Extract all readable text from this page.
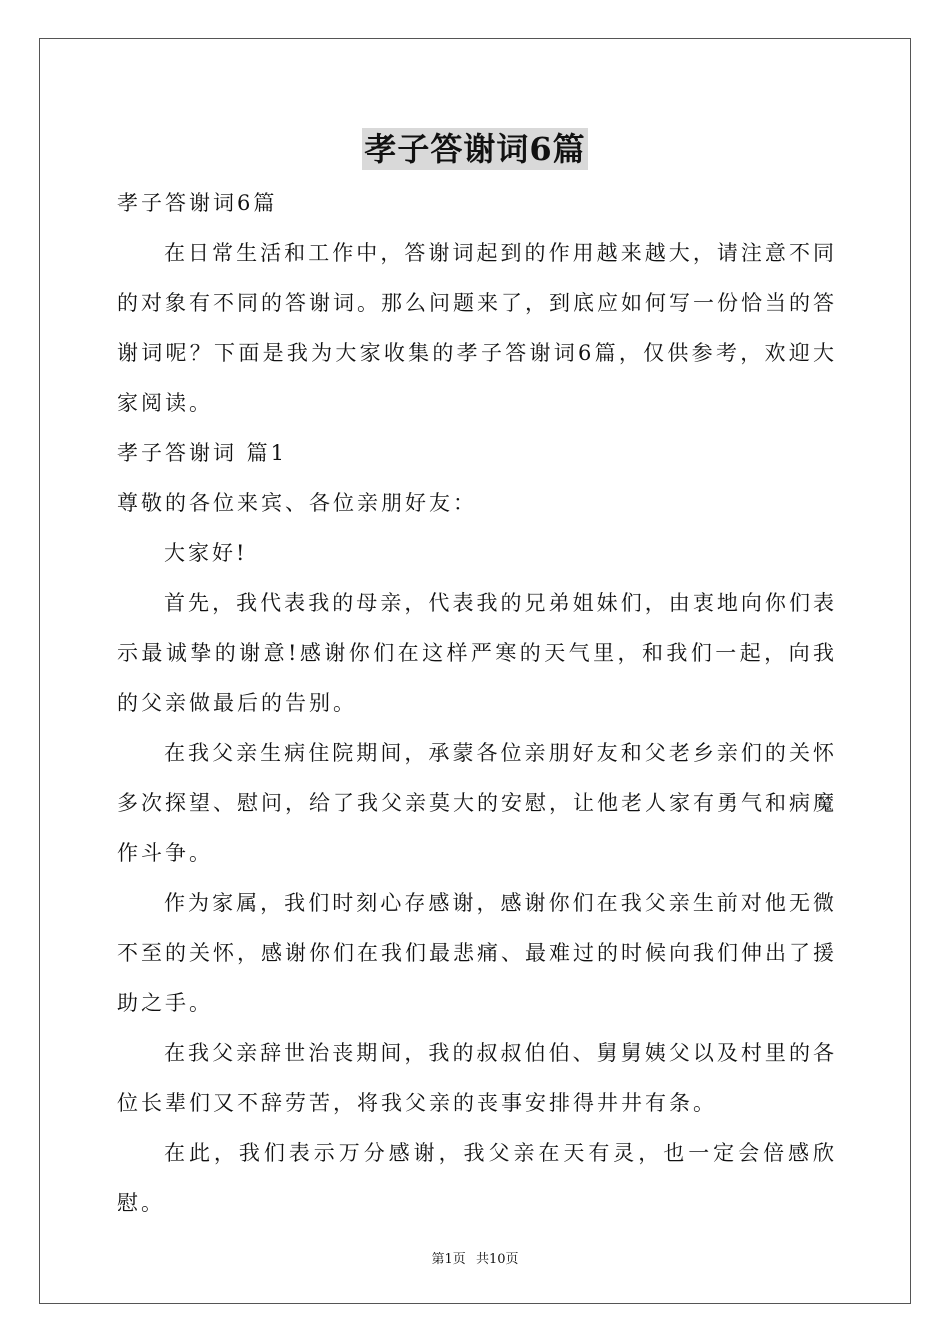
孝子答谢词6篇

孝子答谢词6篇

在日常生活和工作中，答谢词起到的作用越来越大，请注意不同的对象有不同的答谢词。那么问题来了，到底应如何写一份恰当的答谢词呢？下面是我为大家收集的孝子答谢词6篇，仅供参考，欢迎大家阅读。

孝子答谢词 篇1

尊敬的各位来宾、各位亲朋好友：

大家好!

首先，我代表我的母亲，代表我的兄弟姐妹们，由衷地向你们表示最诚挚的谢意!感谢你们在这样严寒的天气里，和我们一起，向我的父亲做最后的告别。

在我父亲生病住院期间，承蒙各位亲朋好友和父老乡亲们的关怀多次探望、慰问，给了我父亲莫大的安慰，让他老人家有勇气和病魔作斗争。

作为家属，我们时刻心存感谢，感谢你们在我父亲生前对他无微不至的关怀，感谢你们在我们最悲痛、最难过的时候向我们伸出了援助之手。

在我父亲辞世治丧期间，我的叔叔伯伯、舅舅姨父以及村里的各位长辈们又不辞劳苦，将我父亲的丧事安排得井井有条。

在此，我们表示万分感谢，我父亲在天有灵，也一定会倍感欣慰。

第1页 共10页
